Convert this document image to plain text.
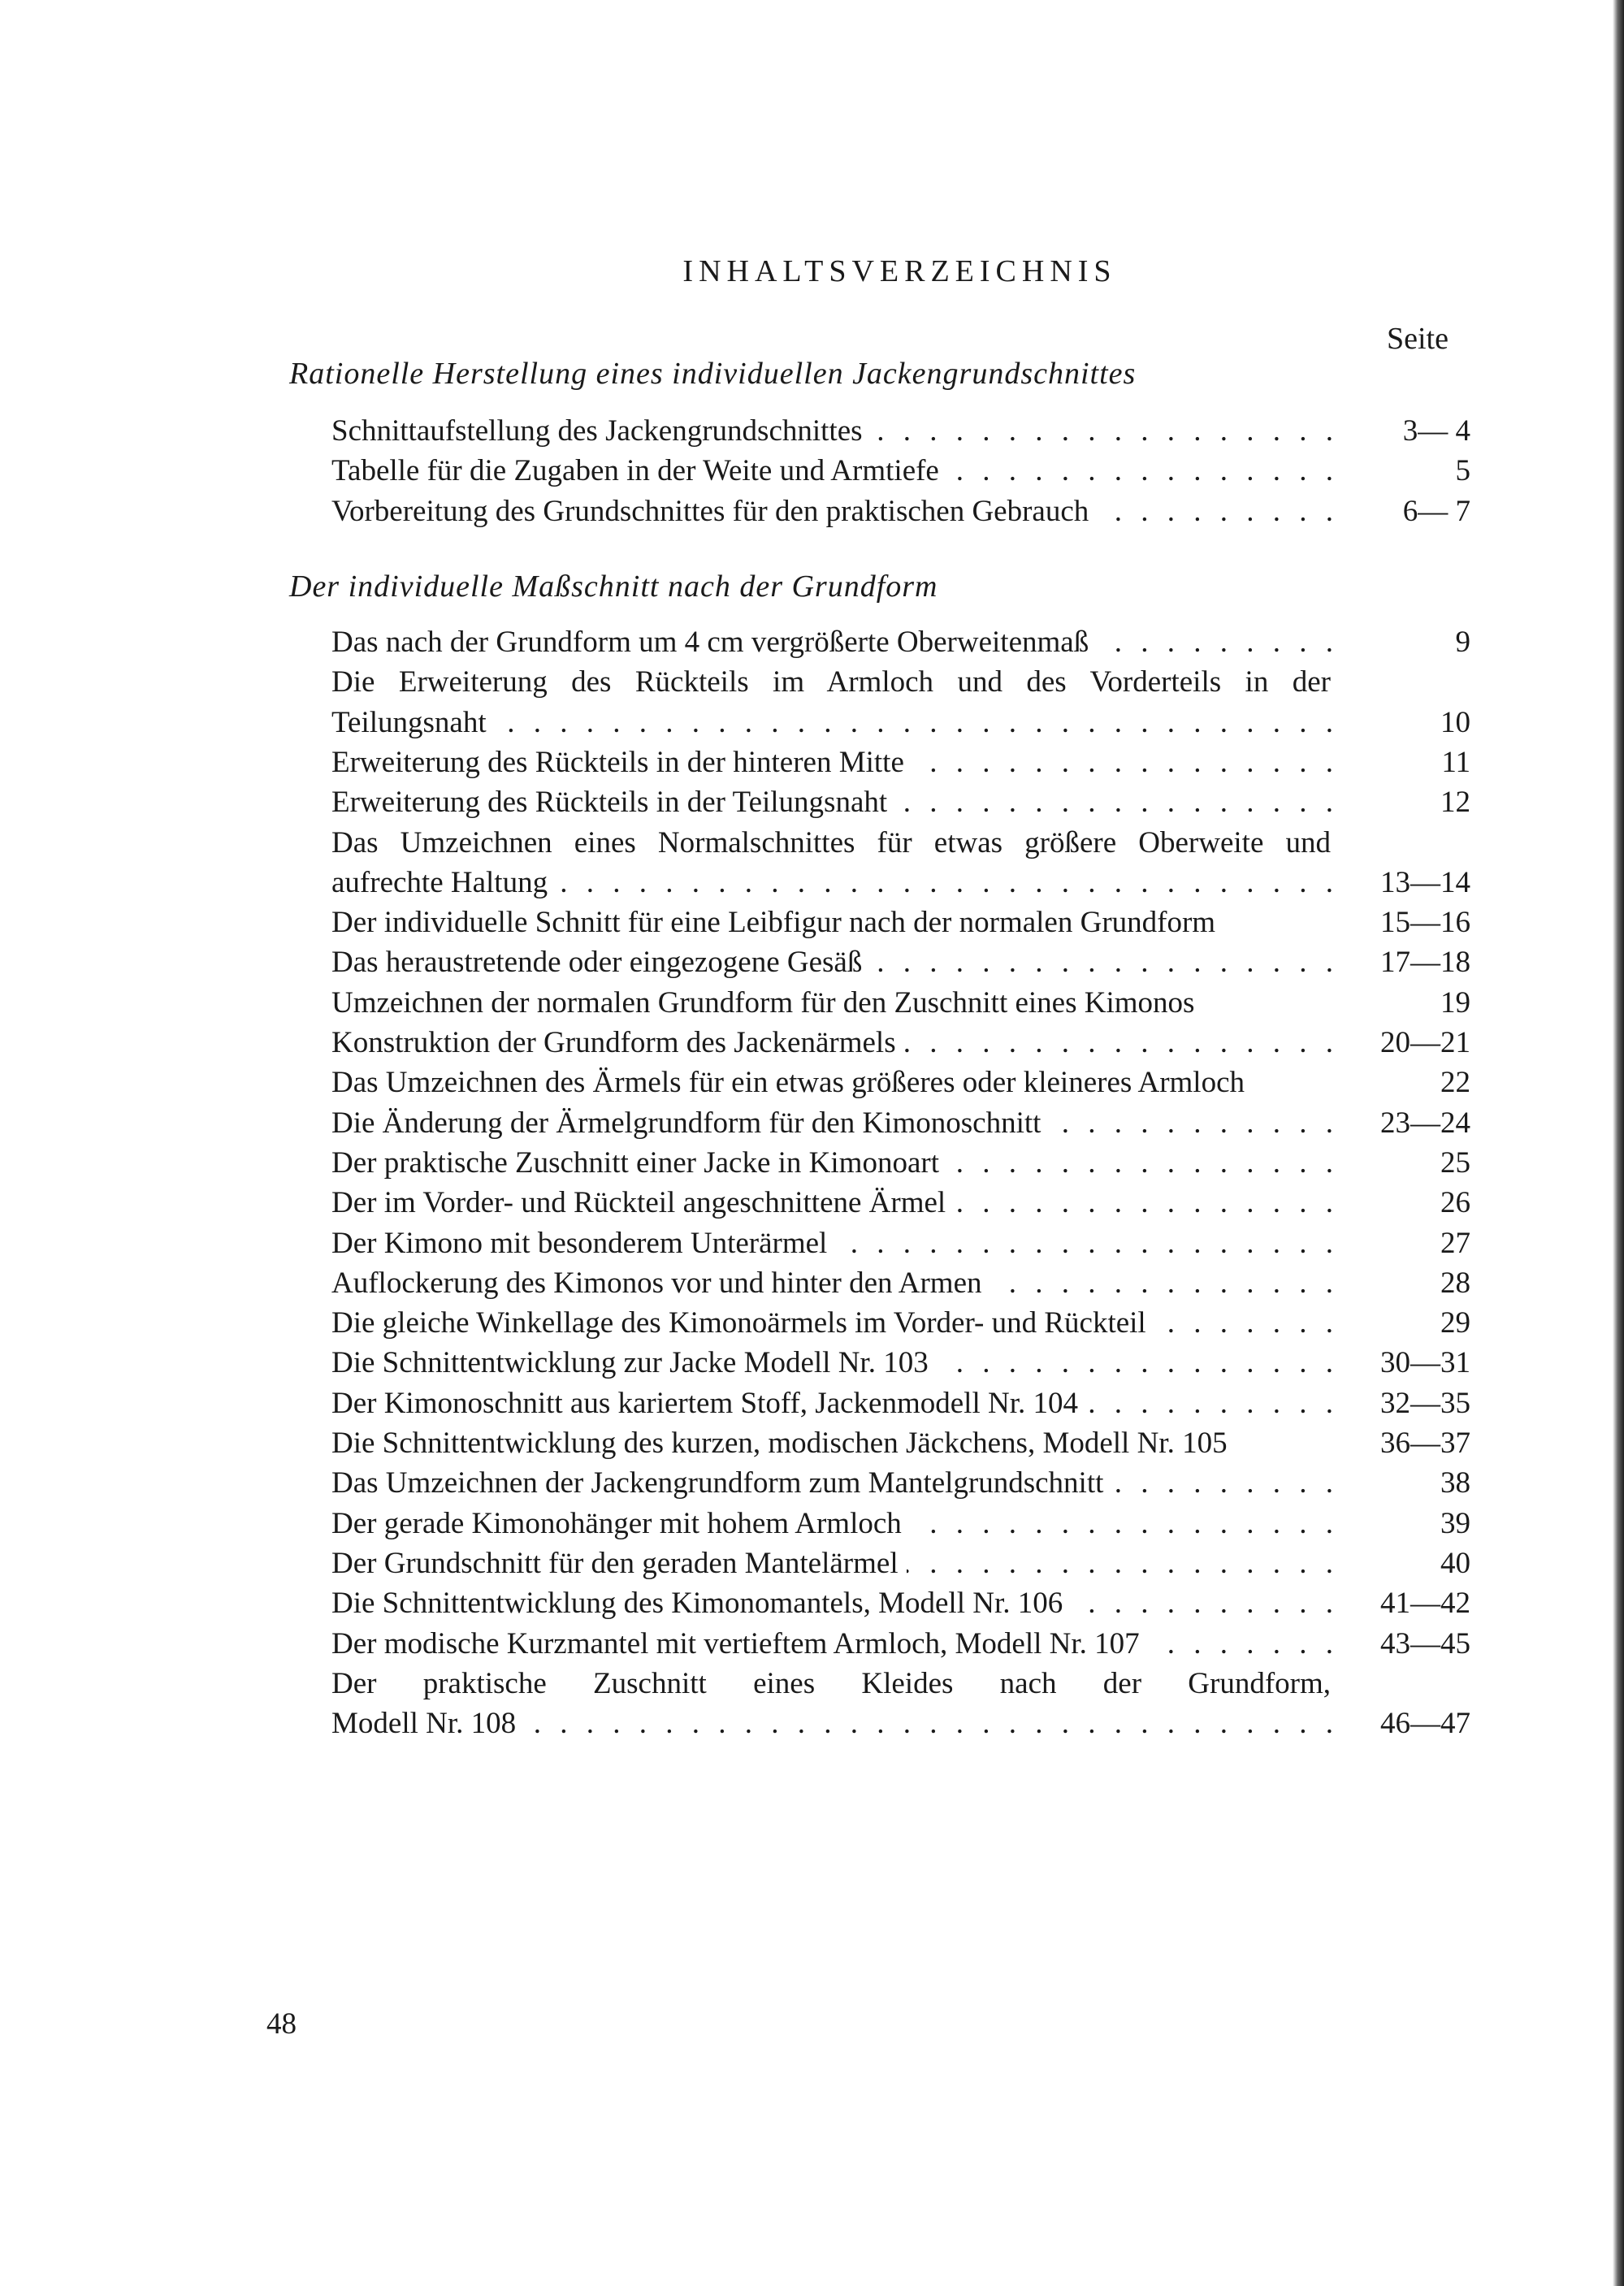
INHALTSVERZEICHNIS
Seite
Rationelle Herstellung eines individuellen Jackengrundschnittes
Schnittaufstellung des Jackengrundschnittes . . .	3— 4
Tabelle für die Zugaben in der Weite und Armtiefe . . .	5
Vorbereitung des Grundschnittes für den praktischen Gebrauch . . .	6— 7
Der individuelle Maßschnitt nach der Grundform
Das nach der Grundform um 4 cm vergrößerte Oberweitenmaß . . .	9
Die Erweiterung des Rückteils im Armloch und des Vorderteils in der
Teilungsnaht . . .	10
Erweiterung des Rückteils in der hinteren Mitte . . .	11
Erweiterung des Rückteils in der Teilungsnaht . . .	12
Das Umzeichnen eines Normalschnittes für etwas größere Oberweite und
aufrechte Haltung . . .	13—14
Der individuelle Schnitt für eine Leibfigur nach der normalen Grundform	15—16
Das heraustretende oder eingezogene Gesäß . . .	17—18
Umzeichnen der normalen Grundform für den Zuschnitt eines Kimonos	19
Konstruktion der Grundform des Jackenärmels . . .	20—21
Das Umzeichnen des Ärmels für ein etwas größeres oder kleineres Armloch	22
Die Änderung der Ärmelgrundform für den Kimonoschnitt . . .	23—24
Der praktische Zuschnitt einer Jacke in Kimonoart . . .	25
Der im Vorder- und Rückteil angeschnittene Ärmel . . .	26
Der Kimono mit besonderem Unterärmel . . .	27
Auflockerung des Kimonos vor und hinter den Armen . . .	28
Die gleiche Winkellage des Kimonoärmels im Vorder- und Rückteil . . .	29
Die Schnittentwicklung zur Jacke Modell Nr. 103 . . .	30—31
Der Kimonoschnitt aus kariertem Stoff, Jackenmodell Nr. 104 . . .	32—35
Die Schnittentwicklung des kurzen, modischen Jäckchens, Modell Nr. 105	36—37
Das Umzeichnen der Jackengrundform zum Mantelgrundschnitt . . .	38
Der gerade Kimonohänger mit hohem Armloch . . .	39
Der Grundschnitt für den geraden Mantelärmel . . .	40
Die Schnittentwicklung des Kimonomantels, Modell Nr. 106 . . .	41—42
Der modische Kurzmantel mit vertieftem Armloch, Modell Nr. 107 . . .	43—45
Der praktische Zuschnitt eines Kleides nach der Grundform,
Modell Nr. 108 . . .	46—47
48
